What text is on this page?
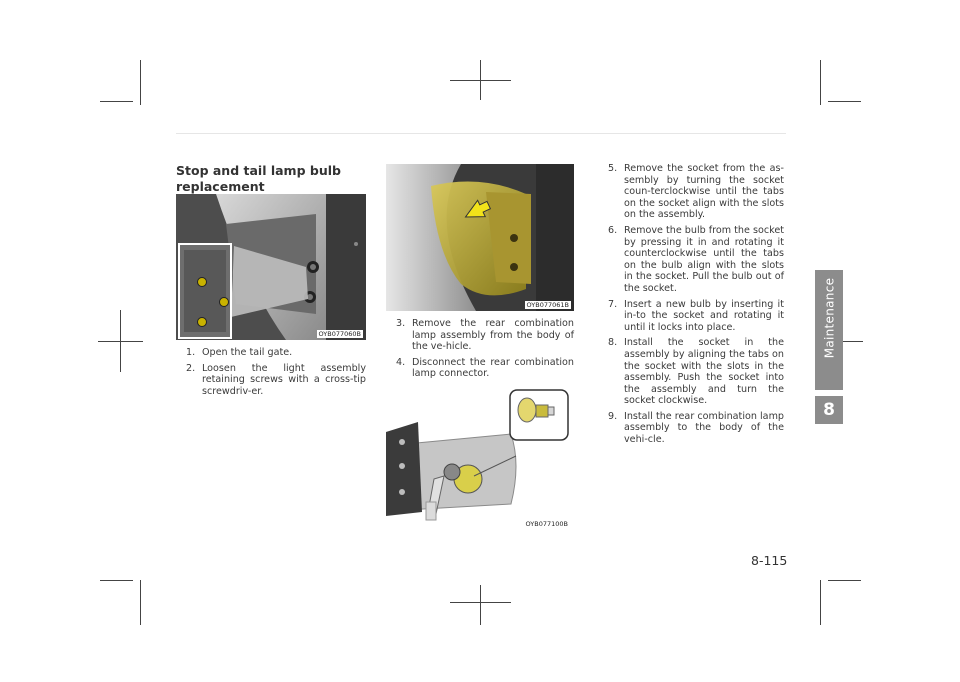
Stop and tail lamp bulb replacement
OYB077060B
OYB077061B
OYB077100B
1. Open the tail gate.
2. Loosen the light assembly retaining screws with a cross-tip screwdriv-er.
3. Remove the rear combination lamp assembly from the body of the ve-hicle.
4. Disconnect the rear combination lamp connector.
5. Remove the socket from the as-sembly by turning the socket coun-terclockwise until the tabs on the socket align with the slots on the assembly.
6. Remove the bulb from the socket by pressing it in and rotating it counterclockwise until the tabs on the bulb align with the slots in the socket. Pull the bulb out of the socket.
7. Insert a new bulb by inserting it in-to the socket and rotating it until it locks into place.
8. Install the socket in the assembly by aligning the tabs on the socket with the slots in the assembly. Push the socket into the assembly and turn the socket clockwise.
9. Install the rear combination lamp assembly to the body of the vehi-cle.
Maintenance
8
8-115
